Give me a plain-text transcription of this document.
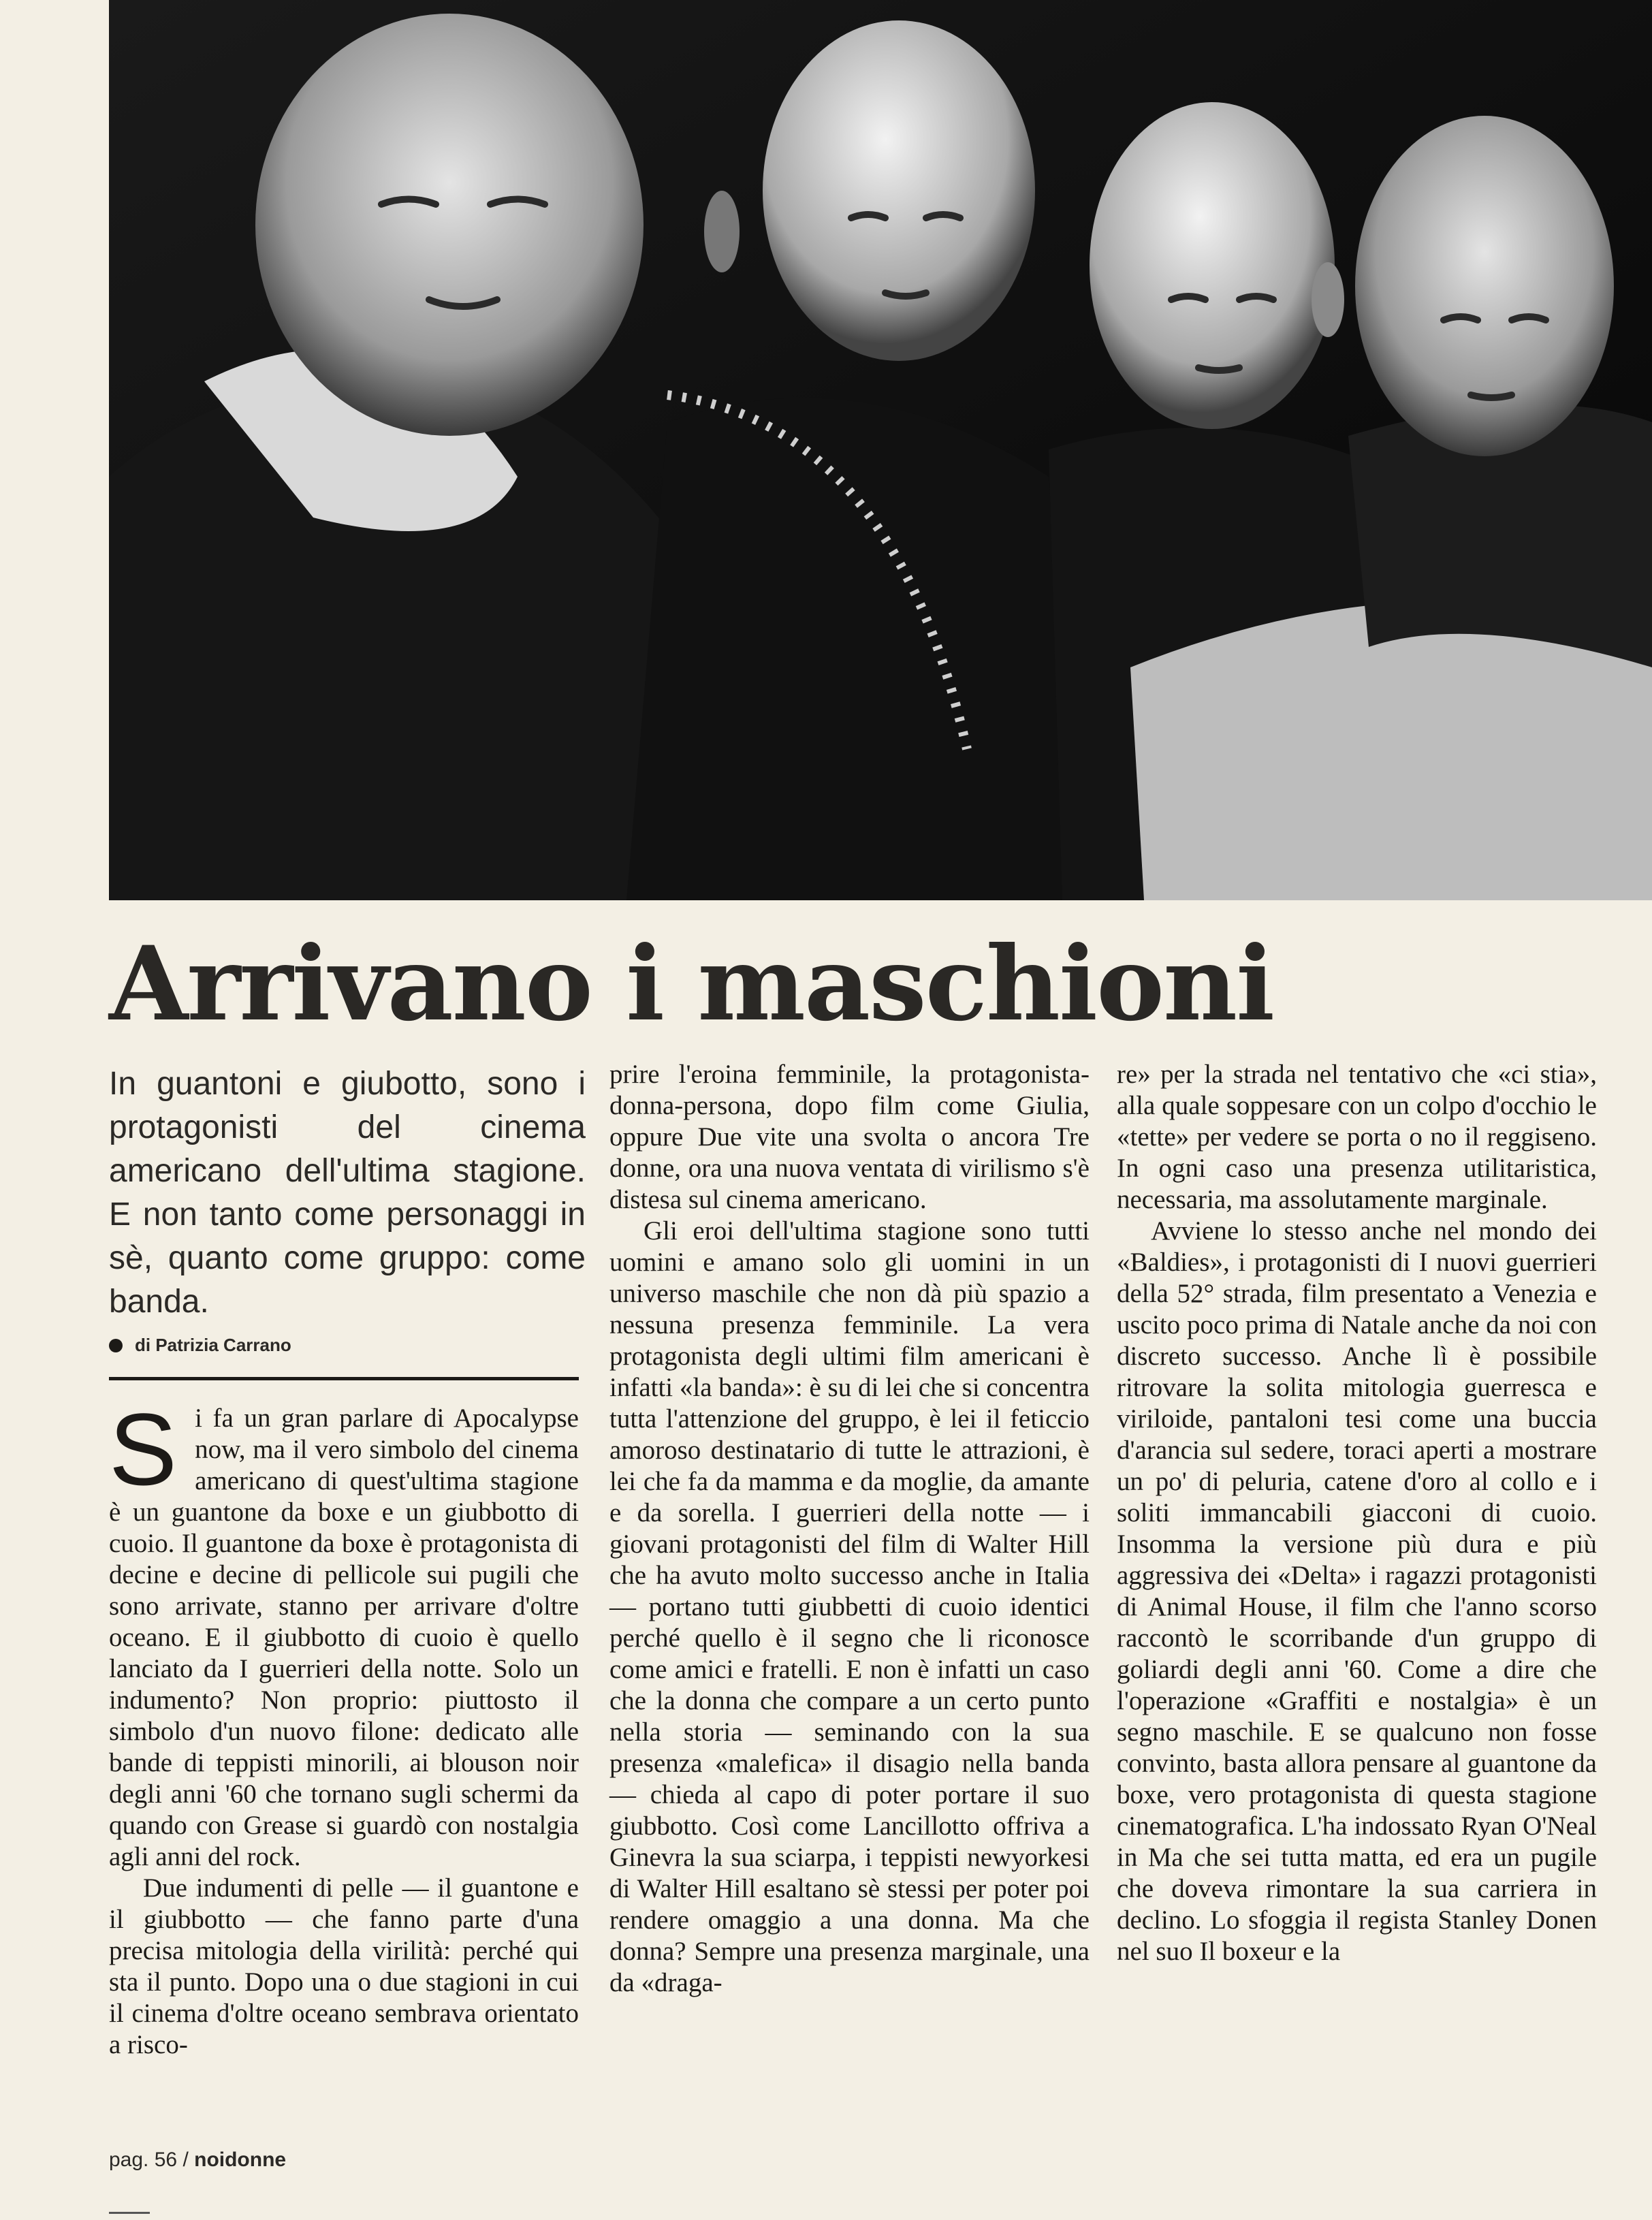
Arrivano i maschioni
In guantoni e giubotto, sono i protagonisti del cinema americano dell'ultima stagione. E non tanto come personaggi in sè, quanto come gruppo: come banda.
di Patrizia Carrano

Si fa un gran parlare di Apocalypse now, ma il vero simbolo del cinema americano di quest'ultima stagione è un guantone da boxe e un giubbotto di cuoio. Il guantone da boxe è protagonista di decine e decine di pellicole sui pugili che sono arrivate, stanno per arrivare d'oltre oceano. E il giubbotto di cuoio è quello lanciato da I guerrieri della notte. Solo un indumento? Non proprio: piuttosto il simbolo d'un nuovo filone: dedicato alle bande di teppisti minorili, ai blouson noir degli anni '60 che tornano sugli schermi da quando con Grease si guardò con nostalgia agli anni del rock.

Due indumenti di pelle — il guantone e il giubbotto — che fanno parte d'una precisa mitologia della virilità: perché qui sta il punto. Dopo una o due stagioni in cui il cinema d'oltre oceano sembrava orientato a risco-

prire l'eroina femminile, la protagonista-donna-persona, dopo film come Giulia, oppure Due vite una svolta o ancora Tre donne, ora una nuova ventata di virilismo s'è distesa sul cinema americano.

Gli eroi dell'ultima stagione sono tutti uomini e amano solo gli uomini in un universo maschile che non dà più spazio a nessuna presenza femminile. La vera protagonista degli ultimi film americani è infatti «la banda»: è su di lei che si concentra tutta l'attenzione del gruppo, è lei il feticcio amoroso destinatario di tutte le attrazioni, è lei che fa da mamma e da moglie, da amante e da sorella. I guerrieri della notte — i giovani protagonisti del film di Walter Hill che ha avuto molto successo anche in Italia — portano tutti giubbetti di cuoio identici perché quello è il segno che li riconosce come amici e fratelli. E non è infatti un caso che la donna che compare a un certo punto nella storia — seminando con la sua presenza «malefica» il disagio nella banda — chieda al capo di poter portare il suo giubbotto. Così come Lancillotto offriva a Ginevra la sua sciarpa, i teppisti newyorkesi di Walter Hill esaltano sè stessi per poter poi rendere omaggio a una donna. Ma che donna? Sempre una presenza marginale, una da «draga-

re» per la strada nel tentativo che «ci stia», alla quale soppesare con un colpo d'occhio le «tette» per vedere se porta o no il reggiseno. In ogni caso una presenza utilitaristica, necessaria, ma assolutamente marginale.

Avviene lo stesso anche nel mondo dei «Baldies», i protagonisti di I nuovi guerrieri della 52° strada, film presentato a Venezia e uscito poco prima di Natale anche da noi con discreto successo. Anche lì è possibile ritrovare la solita mitologia guerresca e viriloide, pantaloni tesi come una buccia d'arancia sul sedere, toraci aperti a mostrare un po' di peluria, catene d'oro al collo e i soliti immancabili giacconi di cuoio. Insomma la versione più dura e più aggressiva dei «Delta» i ragazzi protagonisti di Animal House, il film che l'anno scorso raccontò le scorribande d'un gruppo di goliardi degli anni '60. Come a dire che l'operazione «Graffiti e nostalgia» è un segno maschile. E se qualcuno non fosse convinto, basta allora pensare al guantone da boxe, vero protagonista di questa stagione cinematografica. L'ha indossato Ryan O'Neal in Ma che sei tutta matta, ed era un pugile che doveva rimontare la sua carriera in declino. Lo sfoggia il regista Stanley Donen nel suo Il boxeur e la

pag. 56 / noidonne
